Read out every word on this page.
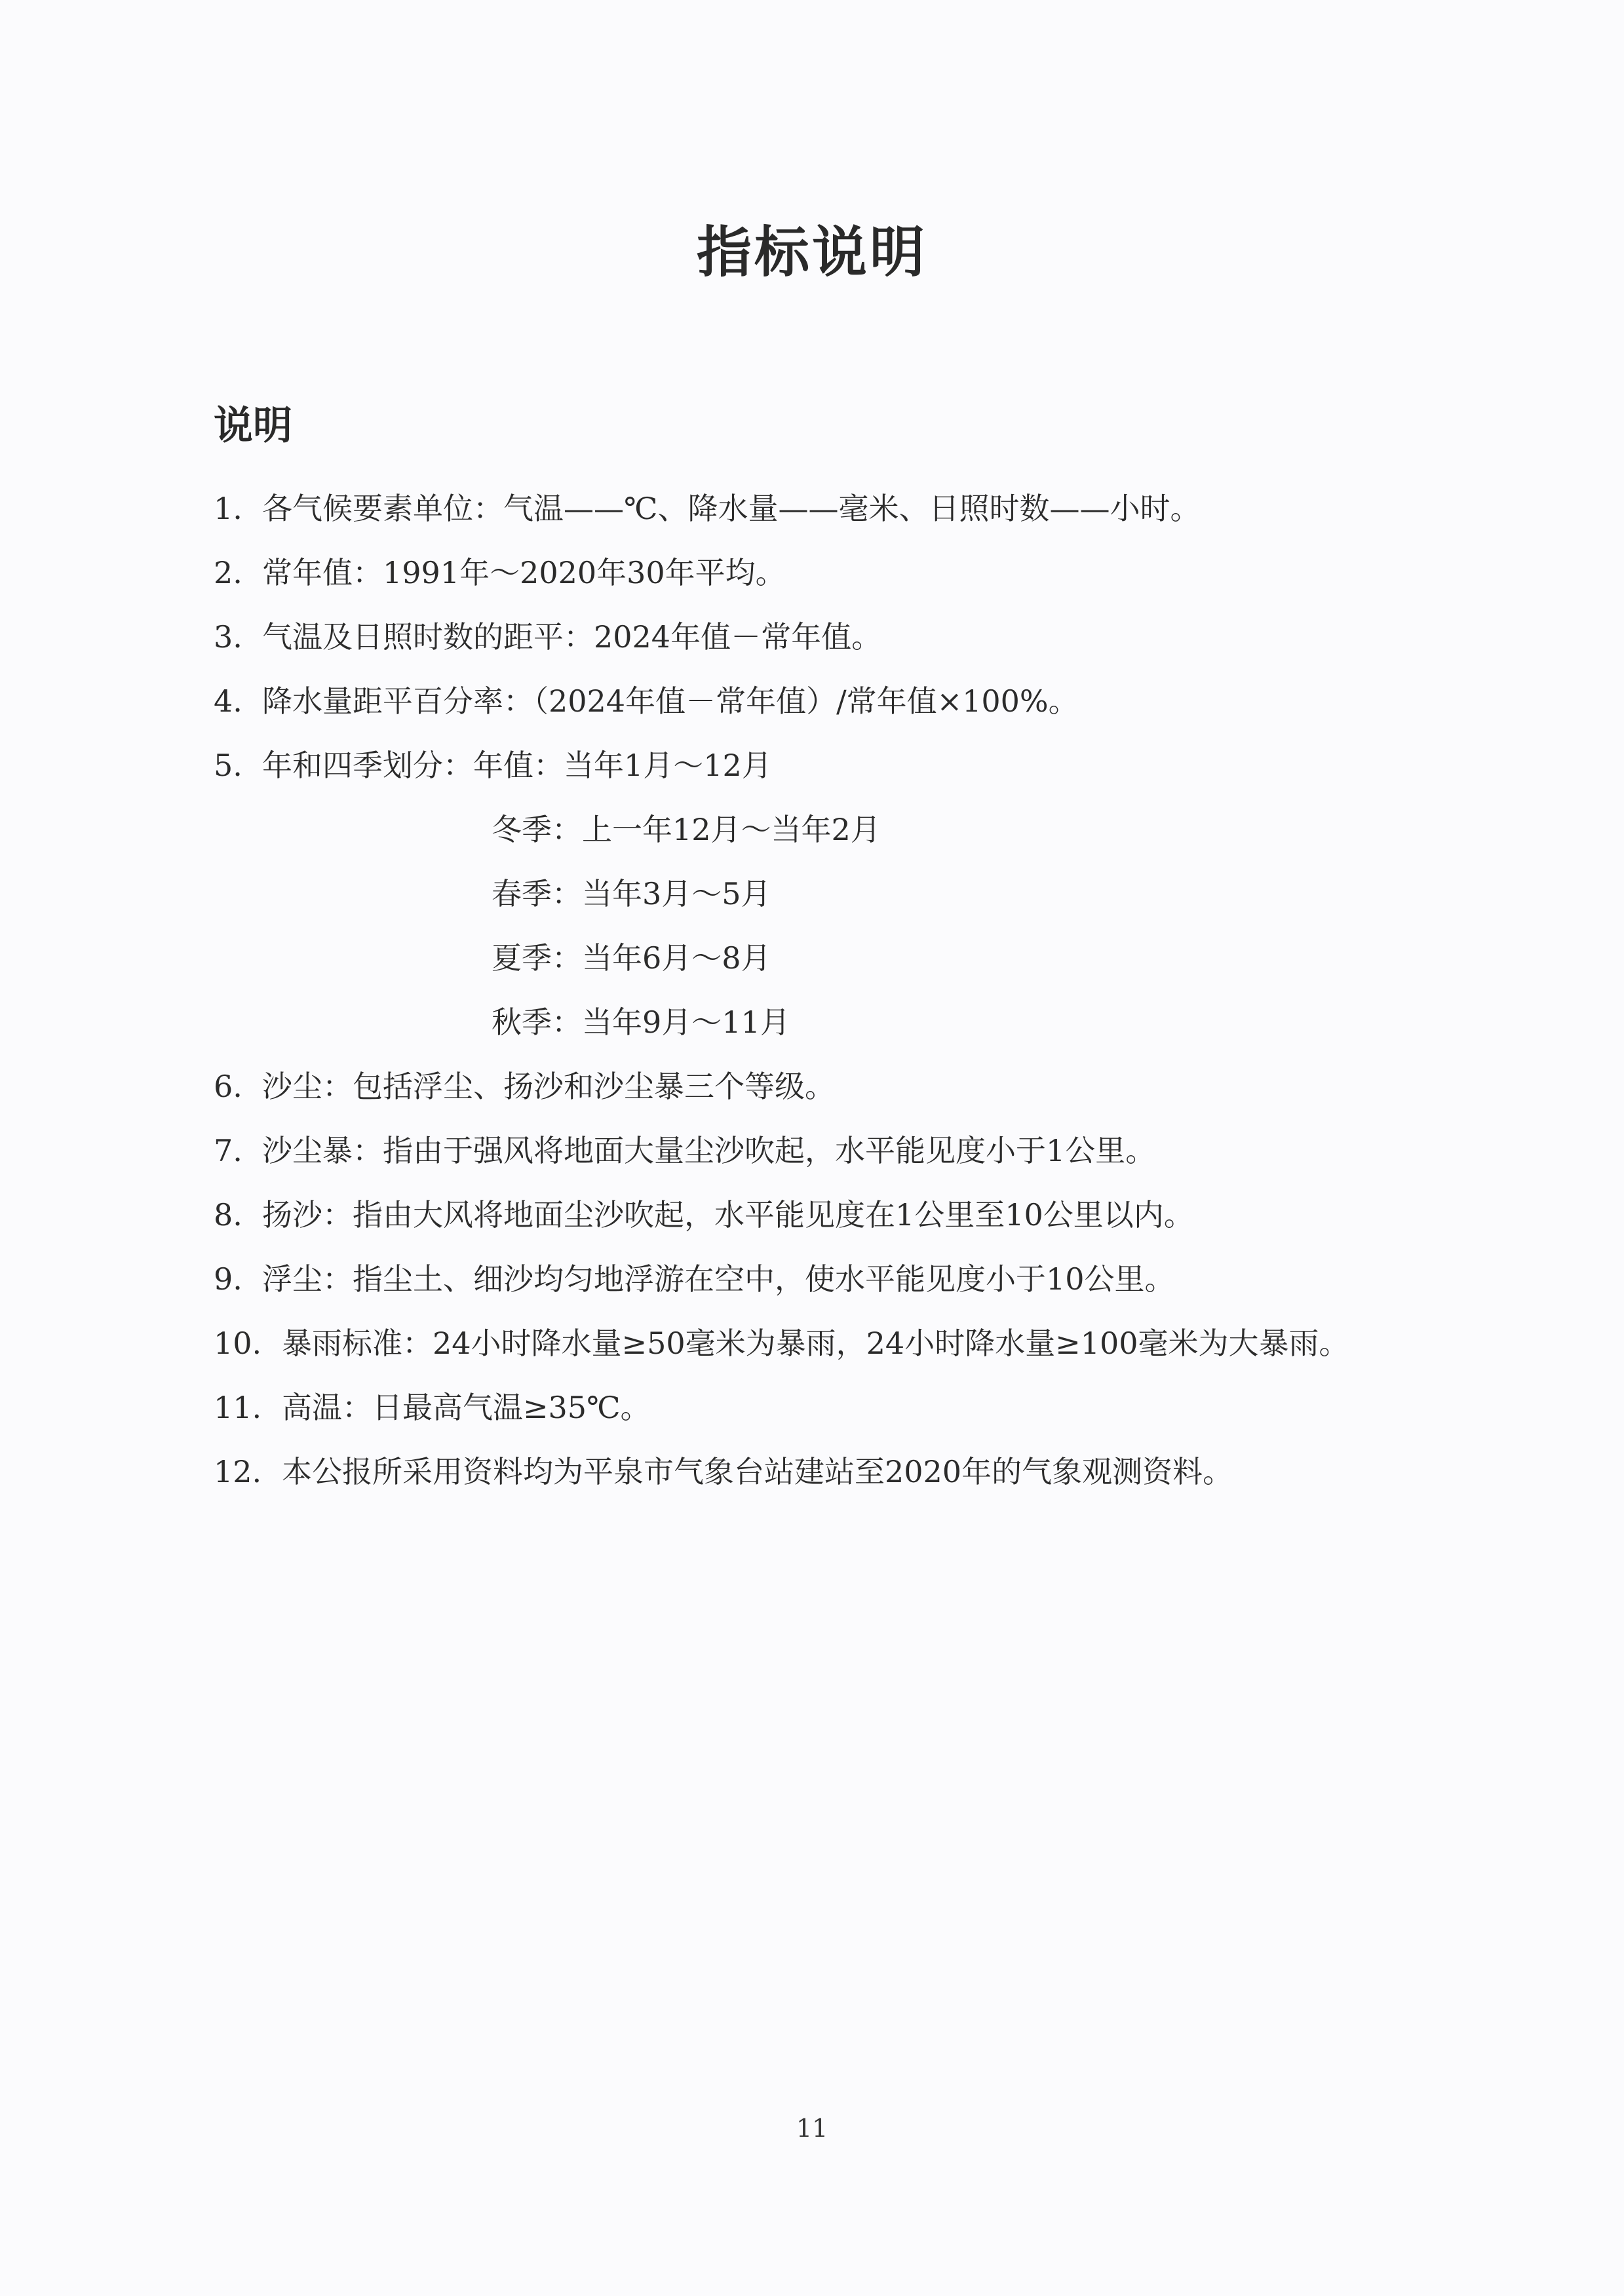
指标说明
说明
1. 各气候要素单位：气温——℃、降水量——毫米、日照时数——小时。
2. 常年值：1991年～2020年30年平均。
3. 气温及日照时数的距平：2024年值－常年值。
4. 降水量距平百分率：（2024年值－常年值）/常年值×100%。
5. 年和四季划分：年值：当年1月～12月
冬季：上一年12月～当年2月
春季：当年3月～5月
夏季：当年6月～8月
秋季：当年9月～11月
6. 沙尘：包括浮尘、扬沙和沙尘暴三个等级。
7. 沙尘暴：指由于强风将地面大量尘沙吹起，水平能见度小于1公里。
8. 扬沙：指由大风将地面尘沙吹起，水平能见度在1公里至10公里以内。
9. 浮尘：指尘土、细沙均匀地浮游在空中，使水平能见度小于10公里。
10. 暴雨标准：24小时降水量≥50毫米为暴雨，24小时降水量≥100毫米为大暴雨。
11. 高温：日最高气温≥35℃。
12. 本公报所采用资料均为平泉市气象台站建站至2020年的气象观测资料。
11
